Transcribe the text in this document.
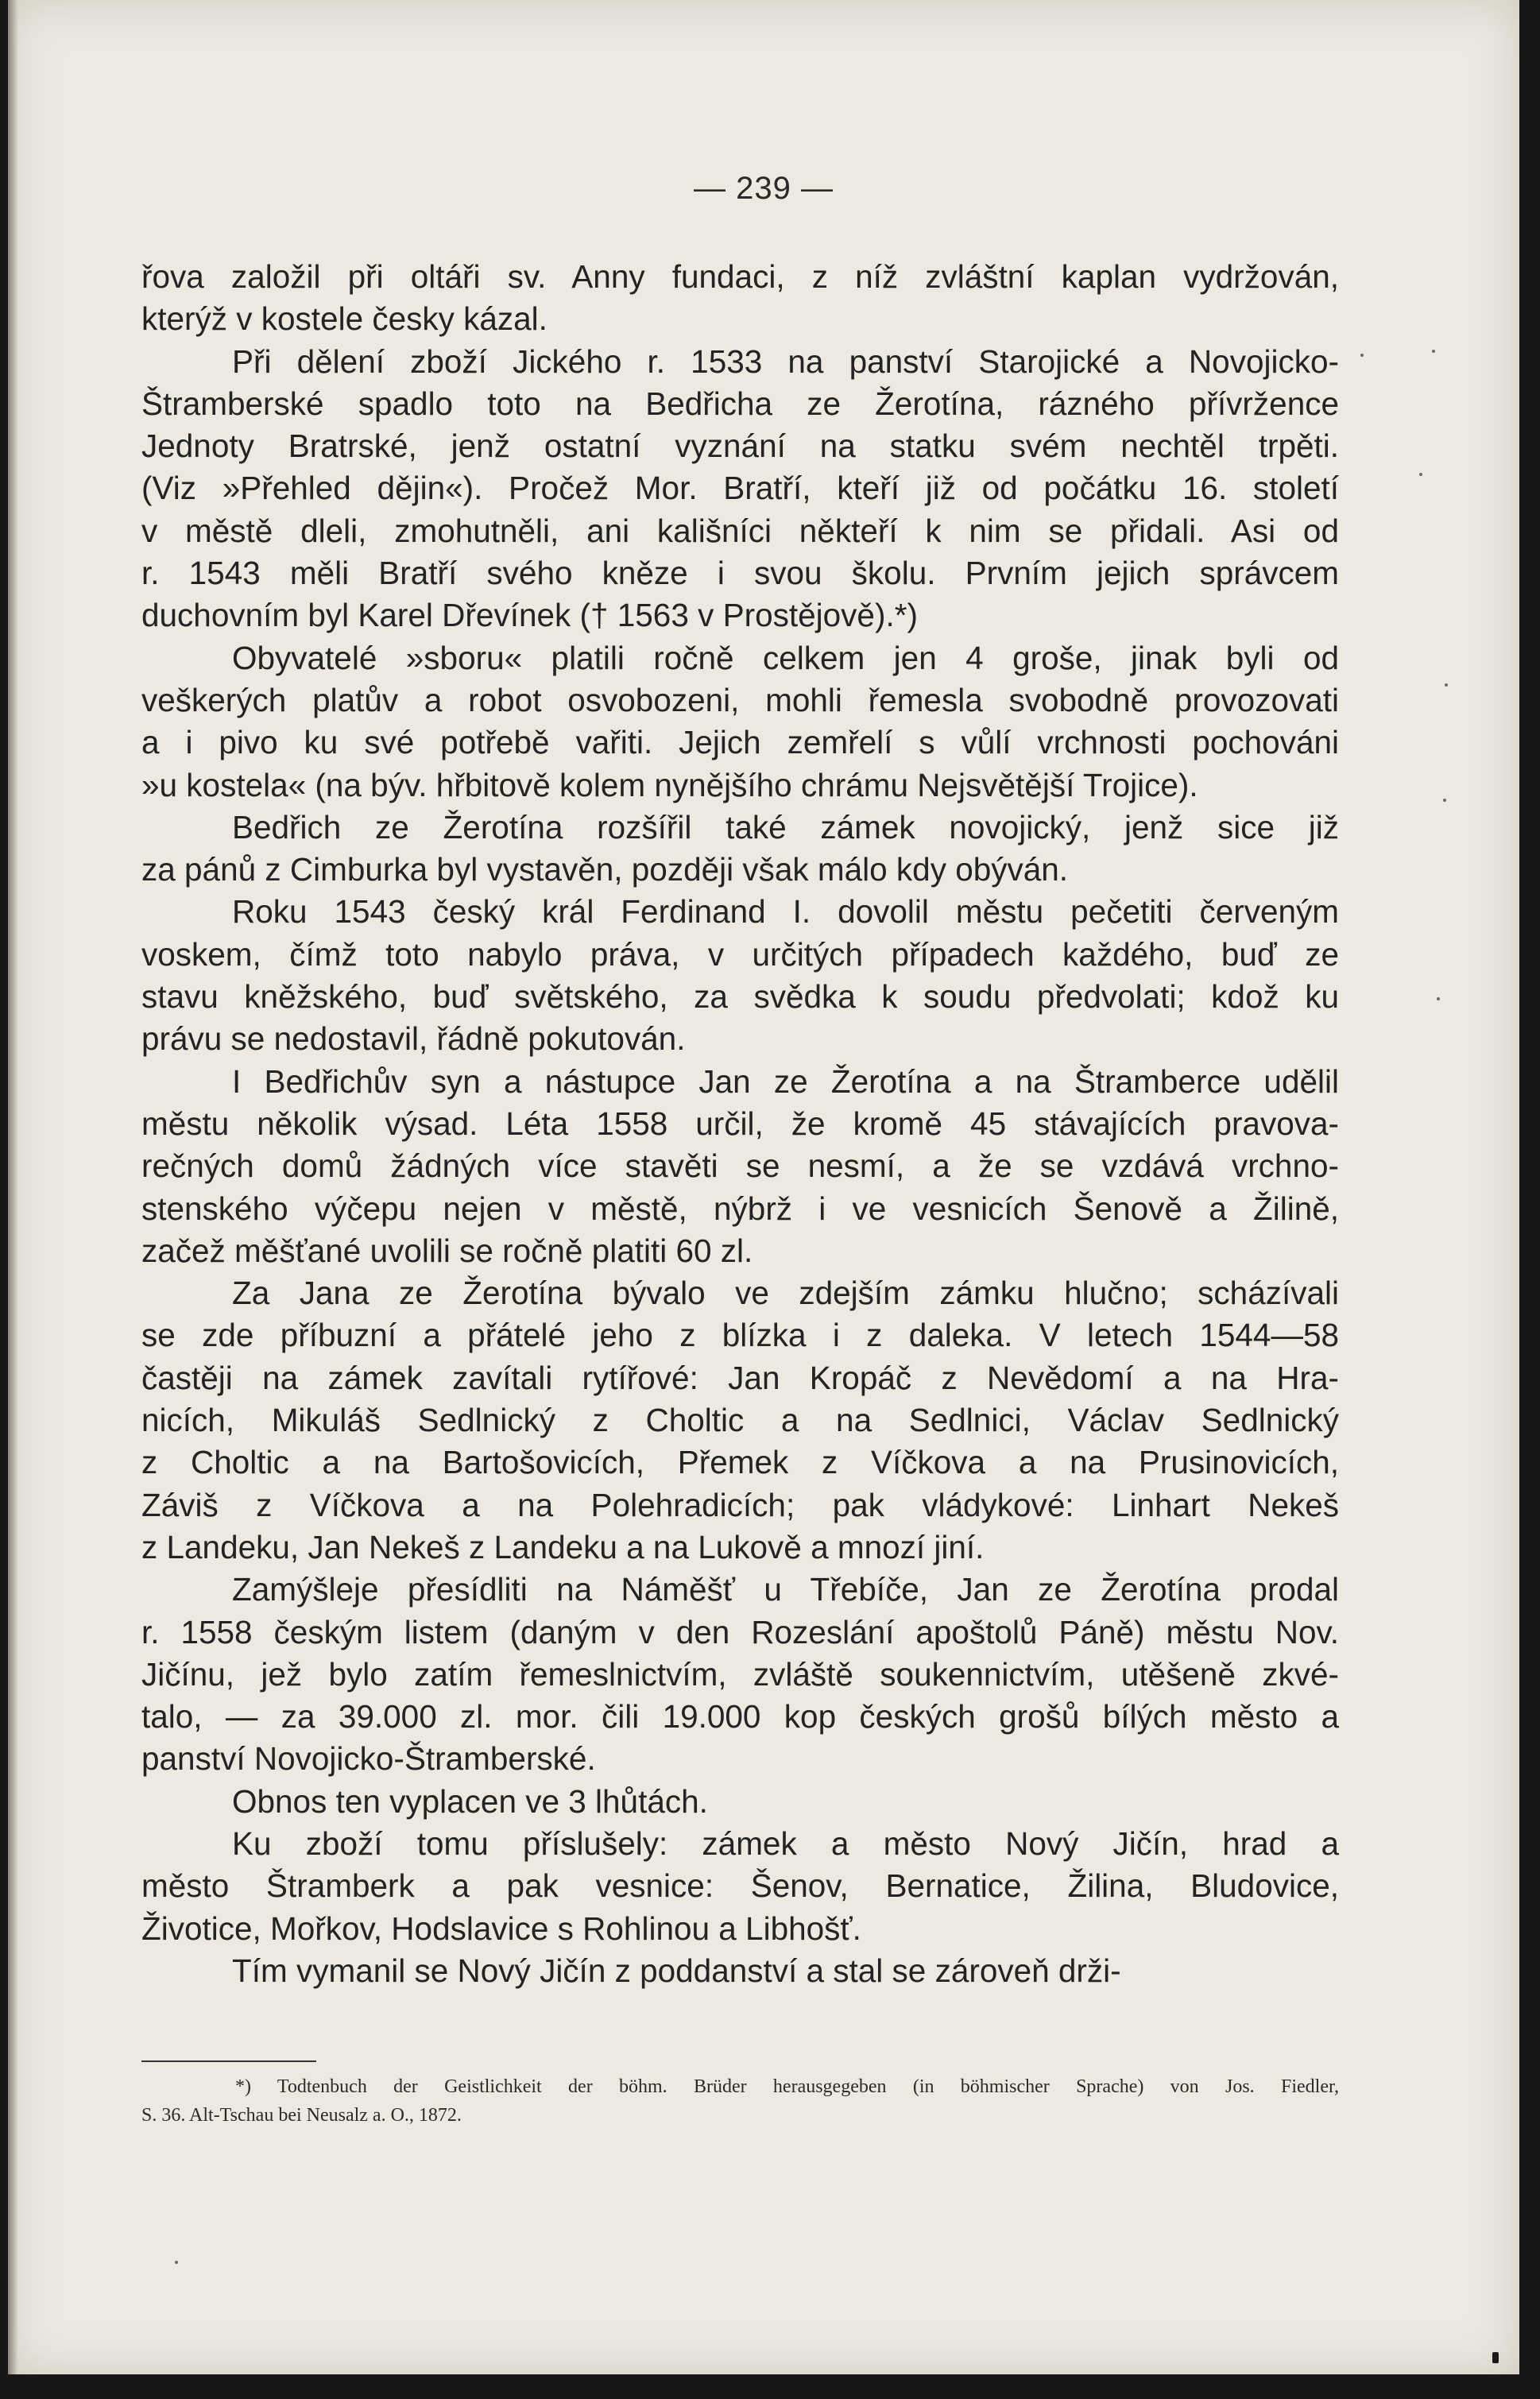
— 239 —

řova založil při oltáři sv. Anny fundaci, z níž zvláštní kaplan vydržován,
kterýž v kostele česky kázal.

Při dělení zboží Jického r. 1533 na panství Starojické a Novojicko-
Štramberské spadlo toto na Bedřicha ze Žerotína, rázného přívržence
Jednoty Bratrské, jenž ostatní vyznání na statku svém nechtěl trpěti.
(Viz »Přehled dějin«). Pročež Mor. Bratří, kteří již od počátku 16. století
v městě dleli, zmohutněli, ani kališníci někteří k nim se přidali. Asi od
r. 1543 měli Bratří svého kněze i svou školu. Prvním jejich správcem
duchovním byl Karel Dřevínek († 1563 v Prostějově).*)

Obyvatelé »sboru« platili ročně celkem jen 4 groše, jinak byli od
veškerých platův a robot osvobozeni, mohli řemesla svobodně provozovati
a i pivo ku své potřebě vařiti. Jejich zemřelí s vůlí vrchnosti pochováni
»u kostela« (na býv. hřbitově kolem nynějšího chrámu Nejsvětější Trojice).

Bedřich ze Žerotína rozšířil také zámek novojický, jenž sice již
za pánů z Cimburka byl vystavěn, později však málo kdy obýván.

Roku 1543 český král Ferdinand I. dovolil městu pečetiti červeným
voskem, čímž toto nabylo práva, v určitých případech každého, buď ze
stavu kněžského, buď světského, za svědka k soudu předvolati; kdož ku
právu se nedostavil, řádně pokutován.

I Bedřichův syn a nástupce Jan ze Žerotína a na Štramberce udělil
městu několik výsad. Léta 1558 určil, že kromě 45 stávajících pravova-
rečných domů žádných více stavěti se nesmí, a že se vzdává vrchno-
stenského výčepu nejen v městě, nýbrž i ve vesnicích Šenově a Žilině,
začež měšťané uvolili se ročně platiti 60 zl.

Za Jana ze Žerotína bývalo ve zdejším zámku hlučno; scházívali
se zde příbuzní a přátelé jeho z blízka i z daleka. V letech 1544—58
častěji na zámek zavítali rytířové: Jan Kropáč z Nevědomí a na Hra-
nicích, Mikuláš Sedlnický z Choltic a na Sedlnici, Václav Sedlnický
z Choltic a na Bartošovicích, Přemek z Víčkova a na Prusinovicích,
Záviš z Víčkova a na Polehradicích; pak vládykové: Linhart Nekeš
z Landeku, Jan Nekeš z Landeku a na Lukově a mnozí jiní.

Zamýšleje přesídliti na Náměšť u Třebíče, Jan ze Žerotína prodal
r. 1558 českým listem (daným v den Rozeslání apoštolů Páně) městu Nov.
Jičínu, jež bylo zatím řemeslnictvím, zvláště soukennictvím, utěšeně zkvé-
talo, — za 39.000 zl. mor. čili 19.000 kop českých grošů bílých město a
panství Novojicko-Štramberské.

Obnos ten vyplacen ve 3 lhůtách.

Ku zboží tomu příslušely: zámek a město Nový Jičín, hrad a
město Štramberk a pak vesnice: Šenov, Bernatice, Žilina, Bludovice,
Životice, Mořkov, Hodslavice s Rohlinou a Libhošť.

Tím vymanil se Nový Jičín z poddanství a stal se zároveň drži-

*) Todtenbuch der Geistlichkeit der böhm. Brüder herausgegeben (in böhmischer Sprache) von Jos. Fiedler,
S. 36. Alt-Tschau bei Neusalz a. O., 1872.
